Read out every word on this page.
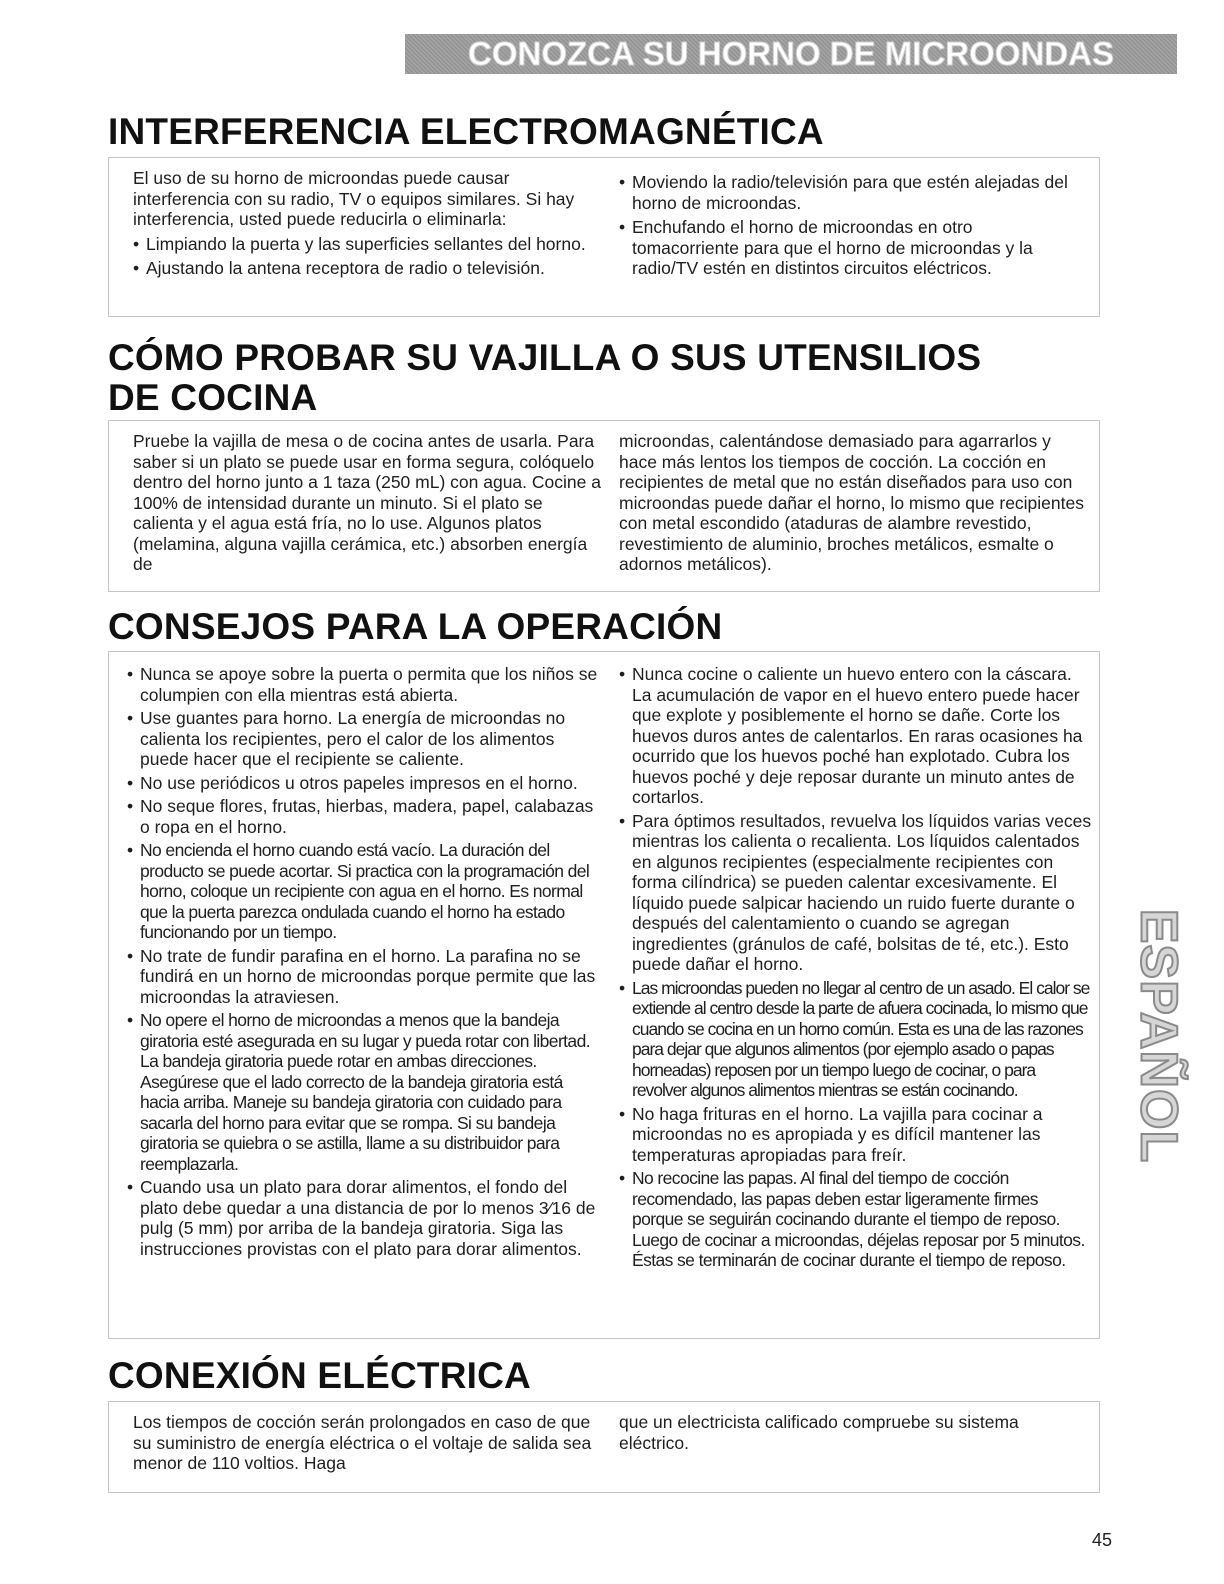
CONOZCA SU HORNO DE MICROONDAS
INTERFERENCIA ELECTROMAGNÉTICA

El uso de su horno de microondas puede causar interferencia con su radio, TV o equipos similares. Si hay interferencia, usted puede reducirla o eliminarla:

• Limpiando la puerta y las superficies sellantes del horno.
• Ajustando la antena receptora de radio o televisión.
• Moviendo la radio/televisión para que estén alejadas del horno de microondas.
• Enchufando el horno de microondas en otro tomacorriente para que el horno de microondas y la radio/TV estén en distintos circuitos eléctricos.
CÓMO PROBAR SU VAJILLA O SUS UTENSILIOS
DE COCINA

Pruebe la vajilla de mesa o de cocina antes de usarla. Para saber si un plato se puede usar en forma segura, colóquelo dentro del horno junto a 1 taza (250 mL) con agua. Cocine a 100% de intensidad durante un minuto. Si el plato se calienta y el agua está fría, no lo use. Algunos platos (melamina, alguna vajilla cerámica, etc.) absorben energía de

microondas, calentándose demasiado para agarrarlos y hace más lentos los tiempos de cocción. La cocción en recipientes de metal que no están diseñados para uso con microondas puede dañar el horno, lo mismo que recipientes con metal escondido (ataduras de alambre revestido, revestimiento de aluminio, broches metálicos, esmalte o adornos metálicos).

CONSEJOS PARA LA OPERACIÓN
• Nunca se apoye sobre la puerta o permita que los niños se columpien con ella mientras está abierta.
• Use guantes para horno. La energía de microondas no calienta los recipientes, pero el calor de los alimentos puede hacer que el recipiente se caliente.
• No use periódicos u otros papeles impresos en el horno.
• No seque flores, frutas, hierbas, madera, papel, calabazas o ropa en el horno.
• No encienda el horno cuando está vacío. La duración del producto se puede acortar. Si practica con la programación del horno, coloque un recipiente con agua en el horno. Es normal que la puerta parezca ondulada cuando el horno ha estado funcionando por un tiempo.
• No trate de fundir parafina en el horno. La parafina no se fundirá en un horno de microondas porque permite que las microondas la atraviesen.
• No opere el horno de microondas a menos que la bandeja giratoria esté asegurada en su lugar y pueda rotar con libertad. La bandeja giratoria puede rotar en ambas direcciones. Asegúrese que el lado correcto de la bandeja giratoria está hacia arriba. Maneje su bandeja giratoria con cuidado para sacarla del horno para evitar que se rompa. Si su bandeja giratoria se quiebra o se astilla, llame a su distribuidor para reemplazarla.
• Cuando usa un plato para dorar alimentos, el fondo del plato debe quedar a una distancia de por lo menos 3⁄16 de pulg (5 mm) por arriba de la bandeja giratoria. Siga las instrucciones provistas con el plato para dorar alimentos.
• Nunca cocine o caliente un huevo entero con la cáscara. La acumulación de vapor en el huevo entero puede hacer que explote y posiblemente el horno se dañe. Corte los huevos duros antes de calentarlos. En raras ocasiones ha ocurrido que los huevos poché han explotado. Cubra los huevos poché y deje reposar durante un minuto antes de cortarlos.
• Para óptimos resultados, revuelva los líquidos varias veces mientras los calienta o recalienta. Los líquidos calentados en algunos recipientes (especialmente recipientes con forma cilíndrica) se pueden calentar excesivamente. El líquido puede salpicar haciendo un ruido fuerte durante o después del calentamiento o cuando se agregan ingredientes (gránulos de café, bolsitas de té, etc.). Esto puede dañar el horno.
• Las microondas pueden no llegar al centro de un asado. El calor se extiende al centro desde la parte de afuera cocinada, lo mismo que cuando se cocina en un horno común. Esta es una de las razones para dejar que algunos alimentos (por ejemplo asado o papas horneadas) reposen por un tiempo luego de cocinar, o para revolver algunos alimentos mientras se están cocinando.
• No haga frituras en el horno. La vajilla para cocinar a microondas no es apropiada y es difícil mantener las temperaturas apropiadas para freír.
• No recocine las papas. Al final del tiempo de cocción recomendado, las papas deben estar ligeramente firmes porque se seguirán cocinando durante el tiempo de reposo. Luego de cocinar a microondas, déjelas reposar por 5 minutos. Éstas se terminarán de cocinar durante el tiempo de reposo.
CONEXIÓN ELÉCTRICA

Los tiempos de cocción serán prolongados en caso de que su suministro de energía eléctrica o el voltaje de salida sea menor de 110 voltios. Haga

que un electricista calificado compruebe su sistema eléctrico.

ESPAÑOL
45
